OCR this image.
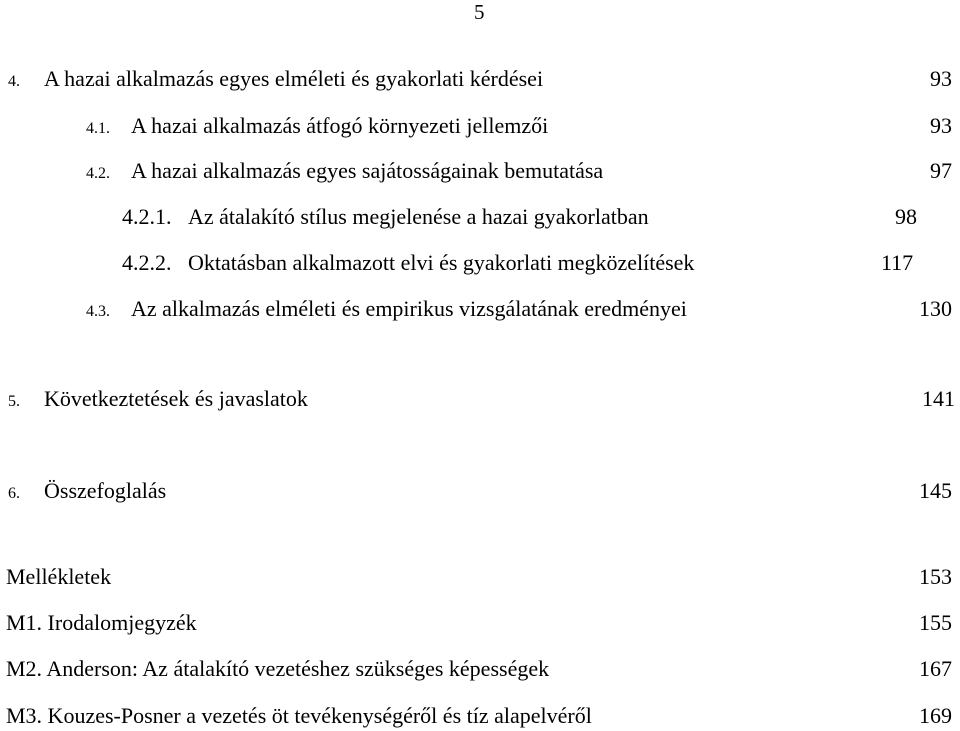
5
4. A hazai alkalmazás egyes elméleti és gyakorlati kérdései	93
4.1. A hazai alkalmazás átfogó környezeti jellemzői	93
4.2. A hazai alkalmazás egyes sajátosságainak bemutatása	97
4.2.1. Az átalakító stílus megjelenése a hazai gyakorlatban	98
4.2.2. Oktatásban alkalmazott elvi és gyakorlati megközelítések	117
4.3. Az alkalmazás elméleti és empirikus vizsgálatának eredményei	130
5. Következtetések és javaslatok	141
6. Összefoglalás	145
Mellékletek	153
M1. Irodalomjegyzék	155
M2. Anderson: Az átalakító vezetéshez szükséges képességek	167
M3. Kouzes-Posner a vezetés öt tevékenységéről és tíz alapelvéről	169
